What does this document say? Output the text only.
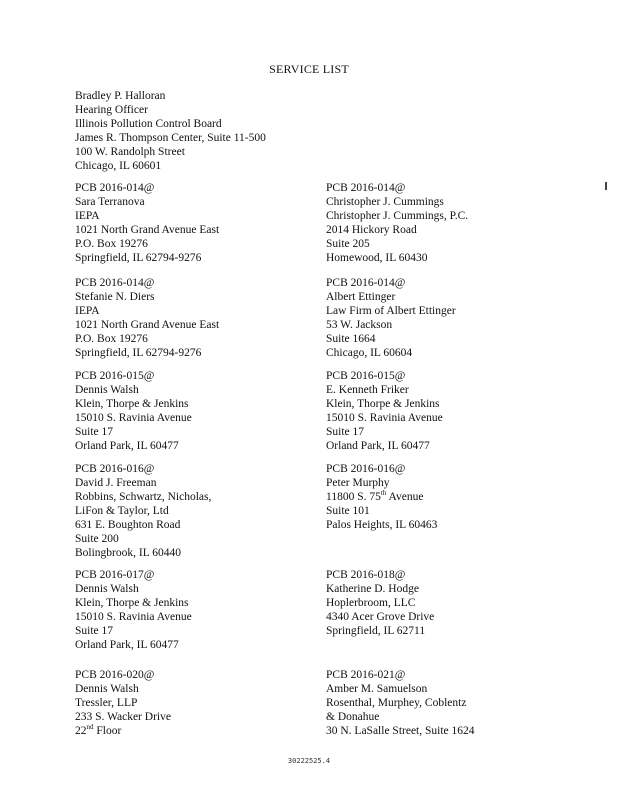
SERVICE LIST
Bradley P. Halloran
Hearing Officer
Illinois Pollution Control Board
James R. Thompson Center, Suite 11-500
100 W. Randolph Street
Chicago, IL 60601
PCB 2016-014@
Sara Terranova
IEPA
1021 North Grand Avenue East
P.O. Box 19276
Springfield, IL 62794-9276
PCB 2016-014@
Christopher J. Cummings
Christopher J. Cummings, P.C.
2014 Hickory Road
Suite 205
Homewood, IL 60430
PCB 2016-014@
Stefanie N. Diers
IEPA
1021 North Grand Avenue East
P.O. Box 19276
Springfield, IL 62794-9276
PCB 2016-014@
Albert Ettinger
Law Firm of Albert Ettinger
53 W. Jackson
Suite 1664
Chicago, IL 60604
PCB 2016-015@
Dennis Walsh
Klein, Thorpe & Jenkins
15010 S. Ravinia Avenue
Suite 17
Orland Park, IL 60477
PCB 2016-015@
E. Kenneth Friker
Klein, Thorpe & Jenkins
15010 S. Ravinia Avenue
Suite 17
Orland Park, IL 60477
PCB 2016-016@
David J. Freeman
Robbins, Schwartz, Nicholas,
LiFon & Taylor, Ltd
631 E. Boughton Road
Suite 200
Bolingbrook, IL 60440
PCB 2016-016@
Peter Murphy
11800 S. 75th Avenue
Suite 101
Palos Heights, IL 60463
PCB 2016-017@
Dennis Walsh
Klein, Thorpe & Jenkins
15010 S. Ravinia Avenue
Suite 17
Orland Park, IL 60477
PCB 2016-018@
Katherine D. Hodge
Hoplerbroom, LLC
4340 Acer Grove Drive
Springfield, IL 62711
PCB 2016-020@
Dennis Walsh
Tressler, LLP
233 S. Wacker Drive
22nd Floor
PCB 2016-021@
Amber M. Samuelson
Rosenthal, Murphey, Coblentz
& Donahue
30 N. LaSalle Street, Suite 1624
30222525.4
